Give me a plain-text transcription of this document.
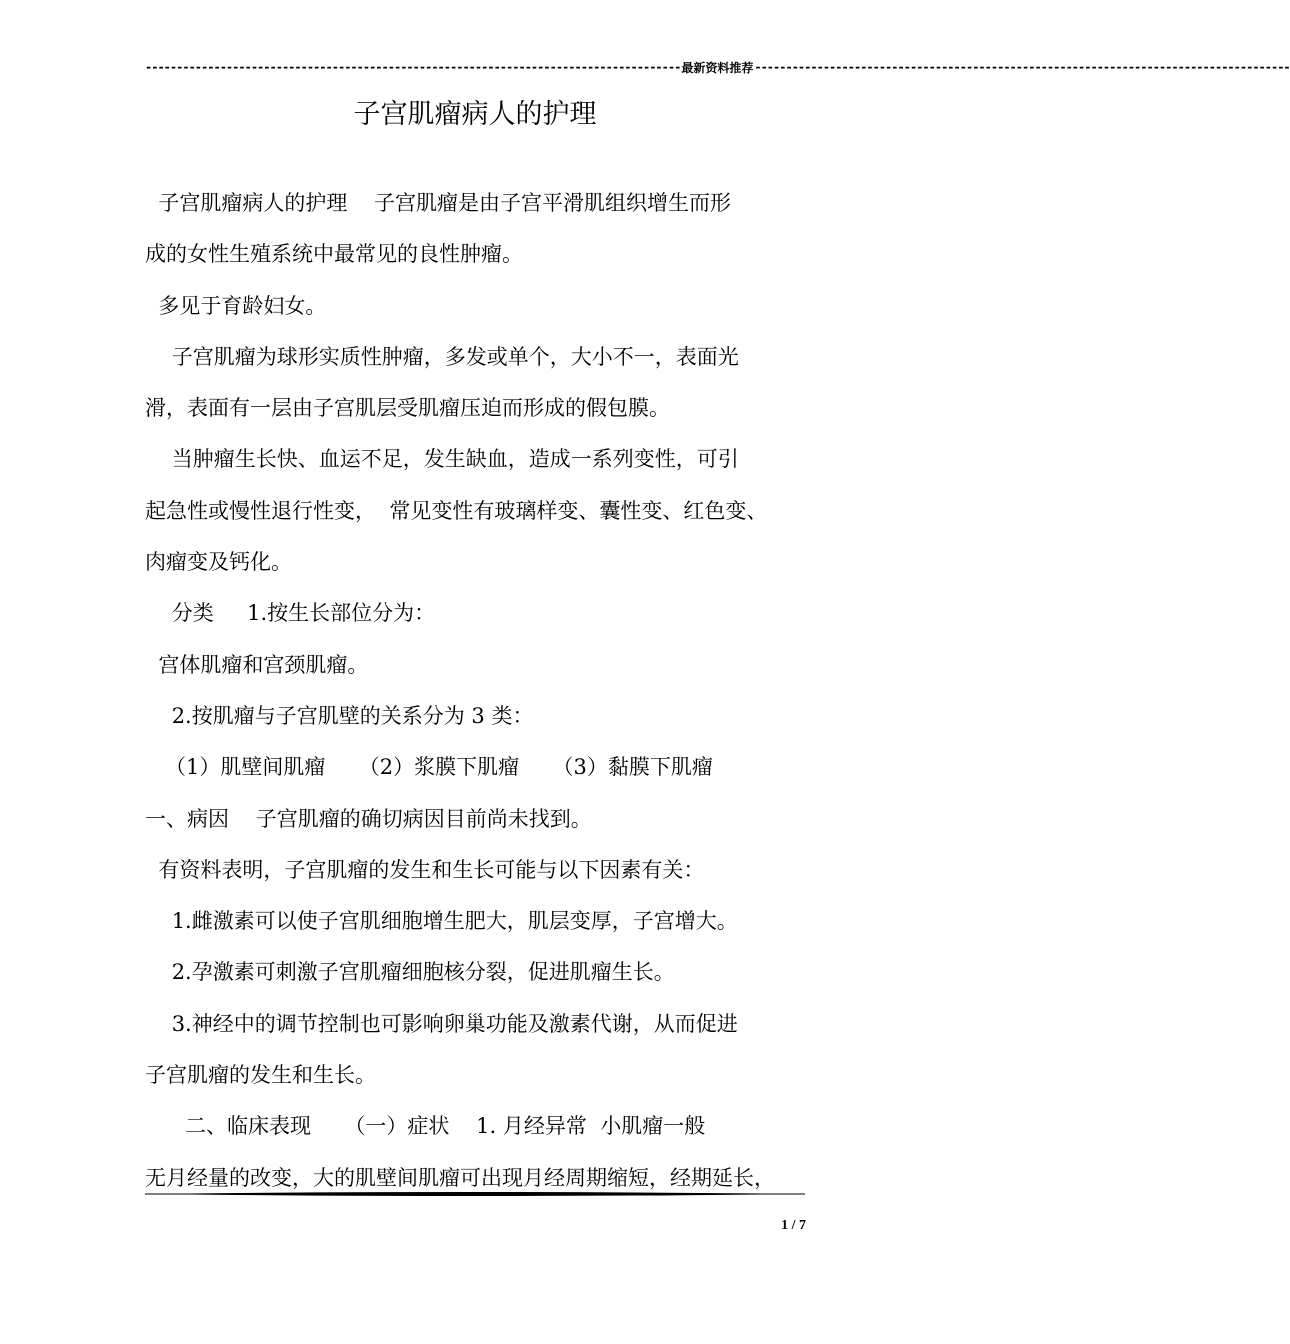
-------------------------------------------------------------------------------------- 最新资料推荐 --------------------------------------------------------------------------------------
子宫肌瘤病人的护理

子宫肌瘤病人的护理    子宫肌瘤是由子宫平滑肌组织增生而形

成的女性生殖系统中最常见的良性肿瘤。

多见于育龄妇女。

子宫肌瘤为球形实质性肿瘤，多发或单个，大小不一，表面光

滑，表面有一层由子宫肌层受肌瘤压迫而形成的假包膜。

当肿瘤生长快、血运不足，发生缺血，造成一系列变性，可引

起急性或慢性退行性变，  常见变性有玻璃样变、囊性变、红色变、

肉瘤变及钙化。

分类     1.按生长部位分为：

宫体肌瘤和宫颈肌瘤。

2.按肌瘤与子宫肌壁的关系分为 3 类：

（1）肌壁间肌瘤     （2）浆膜下肌瘤     （3）黏膜下肌瘤

一、病因    子宫肌瘤的确切病因目前尚未找到。

有资料表明，子宫肌瘤的发生和生长可能与以下因素有关：

1.雌激素可以使子宫肌细胞增生肥大，肌层变厚，子宫增大。

2.孕激素可刺激子宫肌瘤细胞核分裂，促进肌瘤生长。

3.神经中的调节控制也可影响卵巢功能及激素代谢，从而促进

子宫肌瘤的发生和生长。

二、临床表现     （一）症状    1. 月经异常  小肌瘤一般

无月经量的改变，大的肌壁间肌瘤可出现月经周期缩短，经期延长，

1 / 7
